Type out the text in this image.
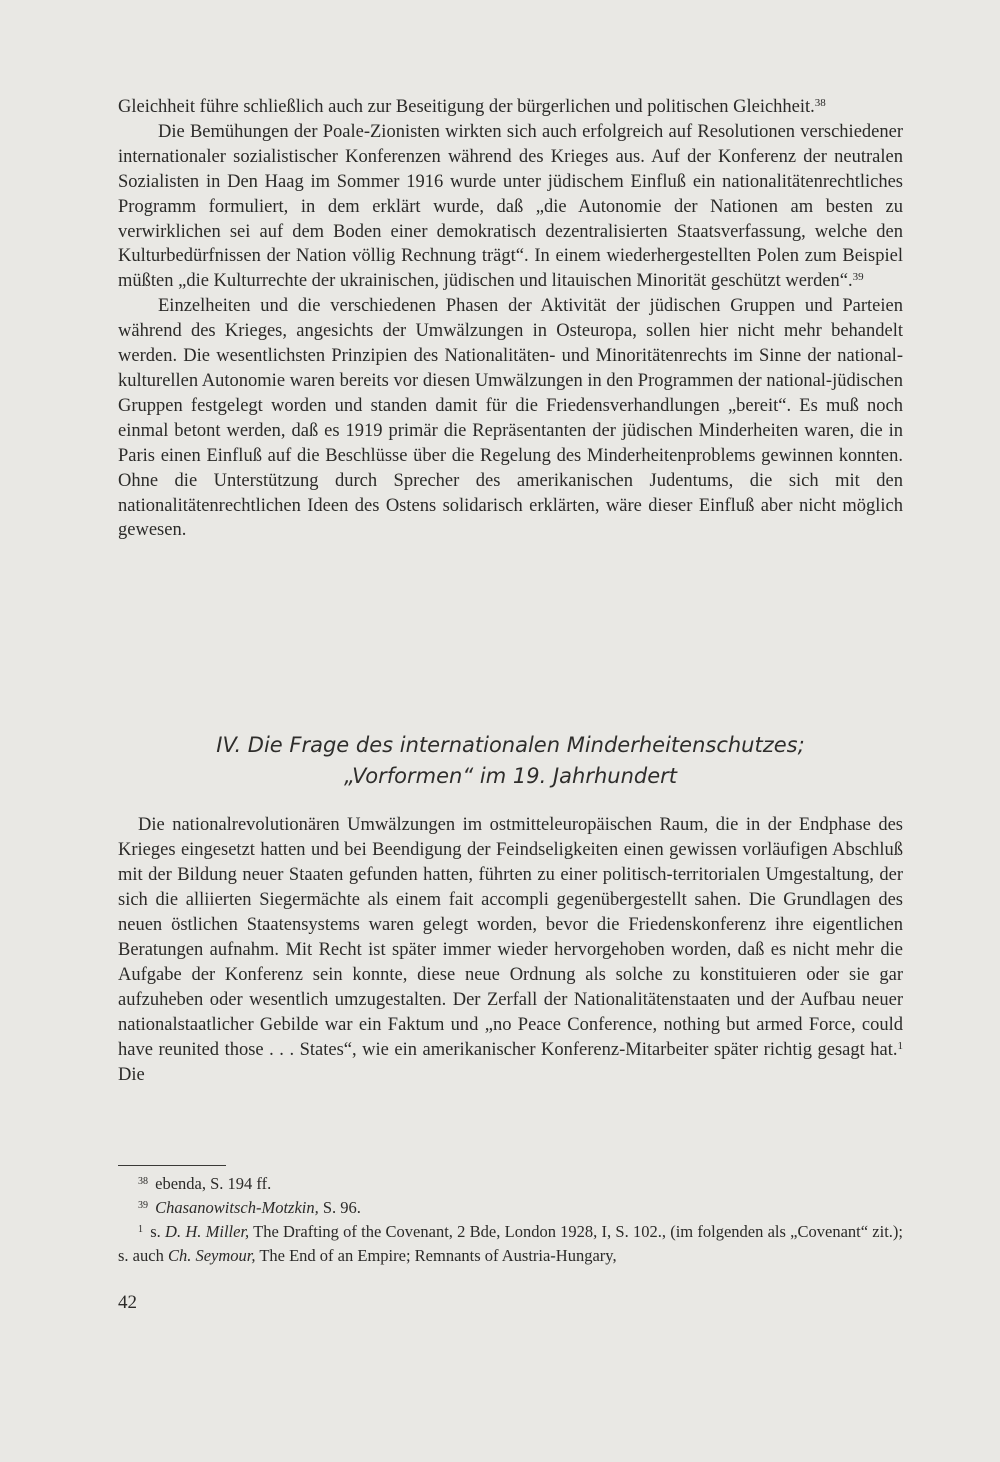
Gleichheit führe schließlich auch zur Beseitigung der bürgerlichen und politischen Gleichheit.$^{38}$

Die Bemühungen der Poale-Zionisten wirkten sich auch erfolgreich auf Resolutionen verschiedener internationaler sozialistischer Konferenzen während des Krieges aus. Auf der Konferenz der neutralen Sozialisten in Den Haag im Sommer 1916 wurde unter jüdischem Einfluß ein nationalitätenrechtliches Programm formuliert, in dem erklärt wurde, daß „die Autonomie der Nationen am besten zu verwirklichen sei auf dem Boden einer demokratisch dezentralisierten Staatsverfassung, welche den Kulturbedürfnissen der Nation völlig Rechnung trägt“. In einem wiederhergestellten Polen zum Beispiel müßten „die Kulturrechte der ukrainischen, jüdischen und litauischen Minorität geschützt werden“.$^{39}$

Einzelheiten und die verschiedenen Phasen der Aktivität der jüdischen Gruppen und Parteien während des Krieges, angesichts der Umwälzungen in Osteuropa, sollen hier nicht mehr behandelt werden. Die wesentlichsten Prinzipien des Nationalitäten- und Minoritätenrechts im Sinne der national-kulturellen Autonomie waren bereits vor diesen Umwälzungen in den Programmen der national-jüdischen Gruppen festgelegt worden und standen damit für die Friedensverhandlungen „bereit“. Es muß noch einmal betont werden, daß es 1919 primär die Repräsentanten der jüdischen Minderheiten waren, die in Paris einen Einfluß auf die Beschlüsse über die Regelung des Minderheitenproblems gewinnen konnten. Ohne die Unterstützung durch Sprecher des amerikanischen Judentums, die sich mit den nationalitätenrechtlichen Ideen des Ostens solidarisch erklärten, wäre dieser Einfluß aber nicht möglich gewesen.

IV. Die Frage des internationalen Minderheitenschutzes;
„Vorformen“ im 19. Jahrhundert

Die nationalrevolutionären Umwälzungen im ostmitteleuropäischen Raum, die in der Endphase des Krieges eingesetzt hatten und bei Beendigung der Feindseligkeiten einen gewissen vorläufigen Abschluß mit der Bildung neuer Staaten gefunden hatten, führten zu einer politisch-territorialen Umgestaltung, der sich die alliierten Siegermächte als einem fait accompli gegenübergestellt sahen. Die Grundlagen des neuen östlichen Staatensystems waren gelegt worden, bevor die Friedenskonferenz ihre eigentlichen Beratungen aufnahm. Mit Recht ist später immer wieder hervorgehoben worden, daß es nicht mehr die Aufgabe der Konferenz sein konnte, diese neue Ordnung als solche zu konstituieren oder sie gar aufzuheben oder wesentlich umzugestalten. Der Zerfall der Nationalitätenstaaten und der Aufbau neuer nationalstaatlicher Gebilde war ein Faktum und „no Peace Conference, nothing but armed Force, could have reunited those . . . States“, wie ein amerikanischer Konferenz-Mitarbeiter später richtig gesagt hat.$^1$ Die

$^{38}$ ebenda, S. 194 ff.

$^{39}$ Chasanowitsch-Motzkin, S. 96.

$^1$ s. D. H. Miller, The Drafting of the Covenant, 2 Bde, London 1928, I, S. 102., (im folgenden als „Covenant“ zit.); s. auch Ch. Seymour, The End of an Empire; Remnants of Austria-Hungary,

42
